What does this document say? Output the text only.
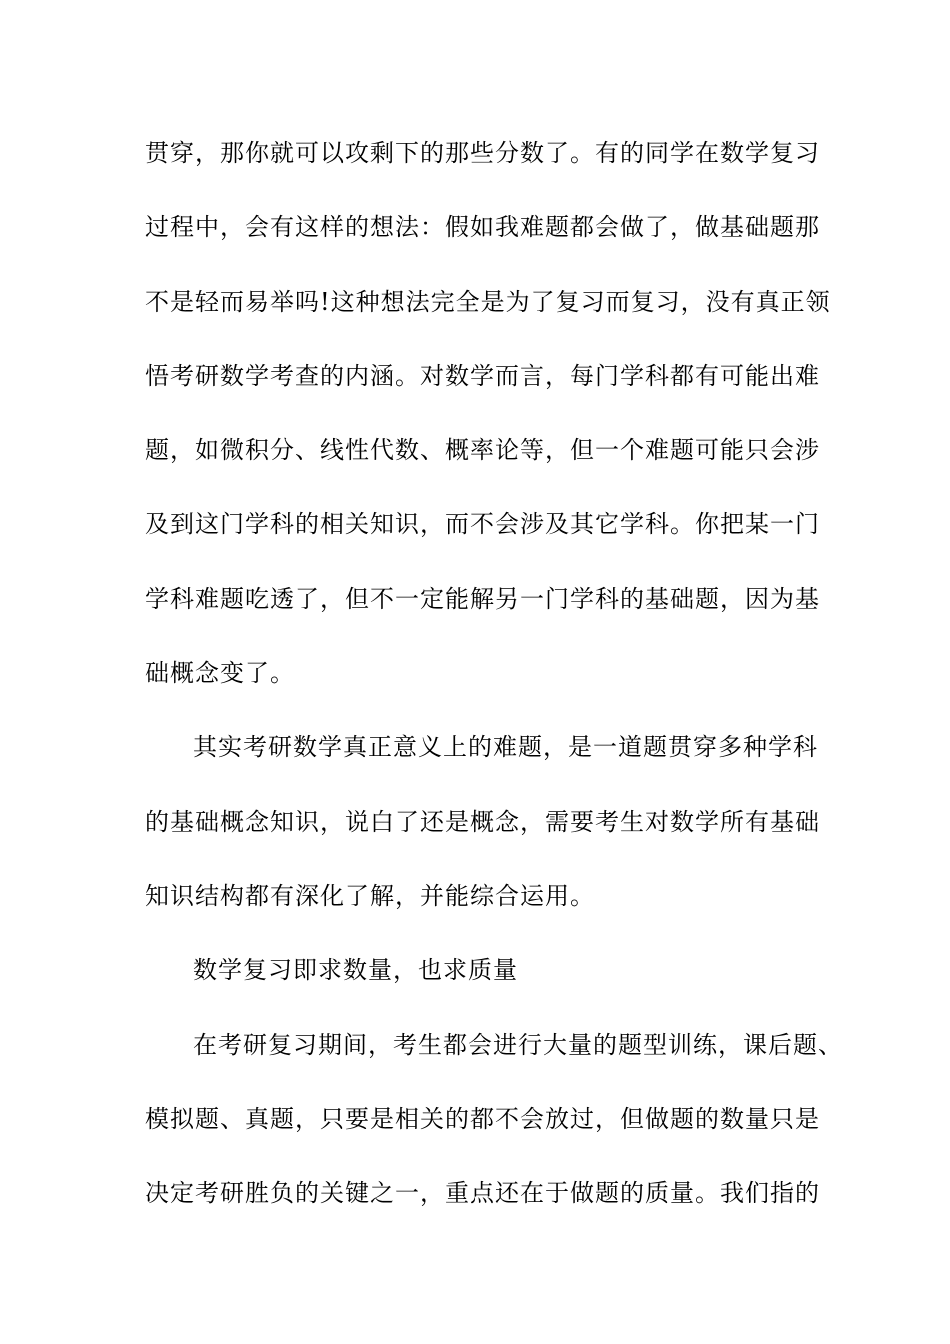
贯穿，那你就可以攻剩下的那些分数了。有的同学在数学复习
过程中，会有这样的想法：假如我难题都会做了，做基础题那
不是轻而易举吗!这种想法完全是为了复习而复习，没有真正领
悟考研数学考查的内涵。对数学而言，每门学科都有可能出难
题，如微积分、线性代数、概率论等，但一个难题可能只会涉
及到这门学科的相关知识，而不会涉及其它学科。你把某一门
学科难题吃透了，但不一定能解另一门学科的基础题，因为基
础概念变了。
其实考研数学真正意义上的难题，是一道题贯穿多种学科
的基础概念知识，说白了还是概念，需要考生对数学所有基础
知识结构都有深化了解，并能综合运用。
数学复习即求数量，也求质量
在考研复习期间，考生都会进行大量的题型训练，课后题、
模拟题、真题，只要是相关的都不会放过，但做题的数量只是
决定考研胜负的关键之一，重点还在于做题的质量。我们指的
